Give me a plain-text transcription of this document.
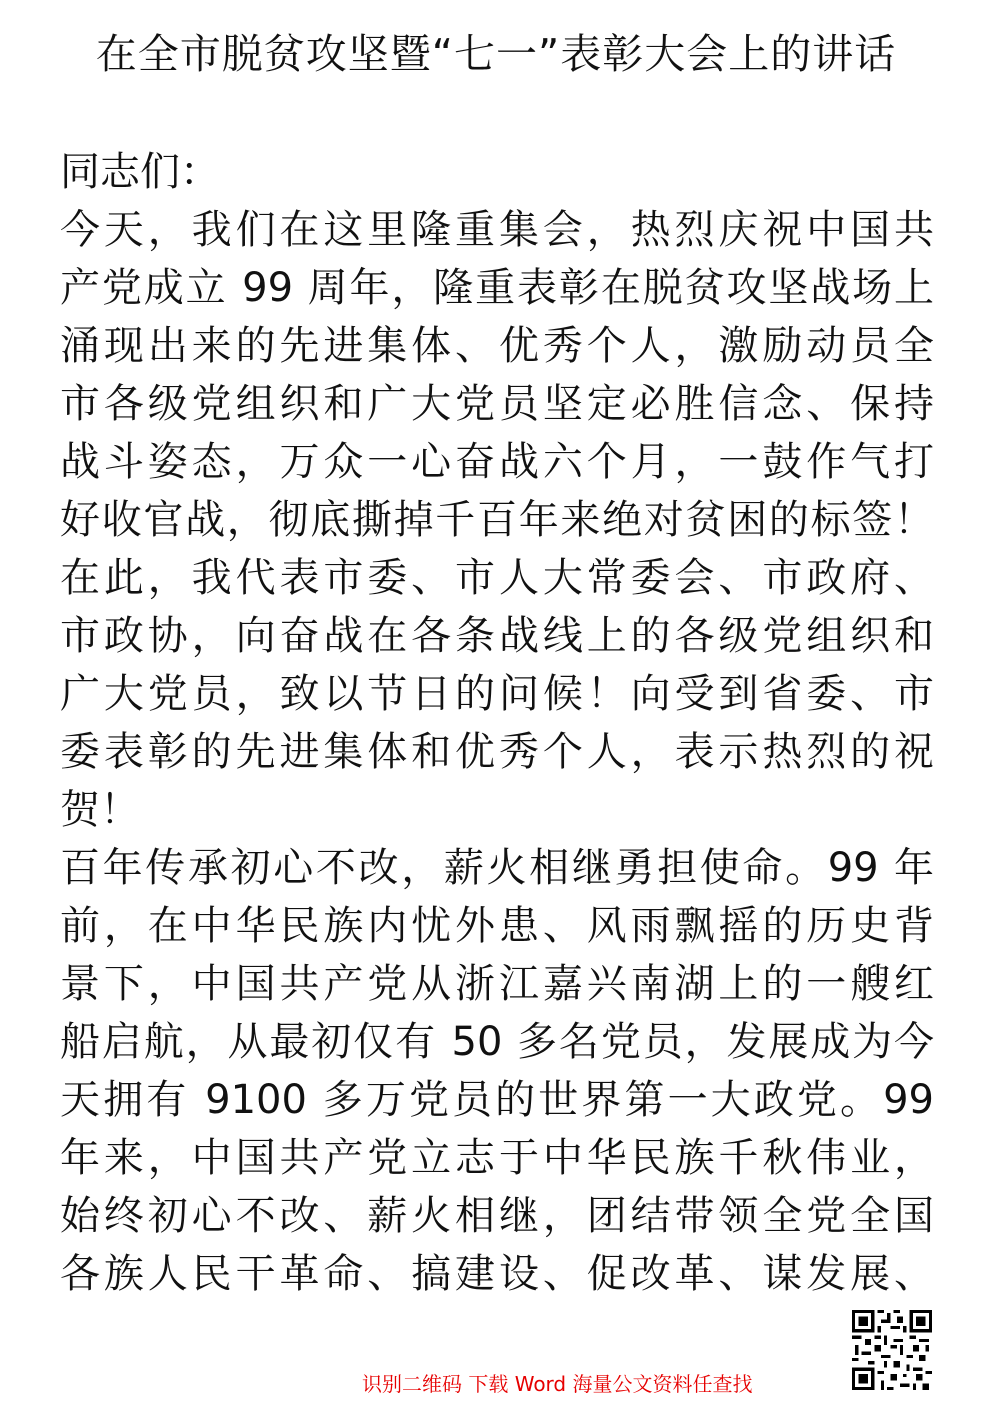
在全市脱贫攻坚暨“七一”表彰大会上的讲话
同志们：
今天，我们在这里隆重集会，热烈庆祝中国共
产党成立 99 周年，隆重表彰在脱贫攻坚战场上
涌现出来的先进集体、优秀个人，激励动员全
市各级党组织和广大党员坚定必胜信念、保持
战斗姿态，万众一心奋战六个月，一鼓作气打
好收官战，彻底撕掉千百年来绝对贫困的标签！
在此，我代表市委、市人大常委会、市政府、
市政协，向奋战在各条战线上的各级党组织和
广大党员，致以节日的问候！向受到省委、市
委表彰的先进集体和优秀个人，表示热烈的祝
贺！
百年传承初心不改，薪火相继勇担使命。99 年
前，在中华民族内忧外患、风雨飘摇的历史背
景下，中国共产党从浙江嘉兴南湖上的一艘红
船启航，从最初仅有 50 多名党员，发展成为今
天拥有 9100 多万党员的世界第一大政党。99
年来，中国共产党立志于中华民族千秋伟业，
始终初心不改、薪火相继，团结带领全党全国
各族人民干革命、搞建设、促改革、谋发展、
识别二维码 下载 Word 海量公文资料任查找
